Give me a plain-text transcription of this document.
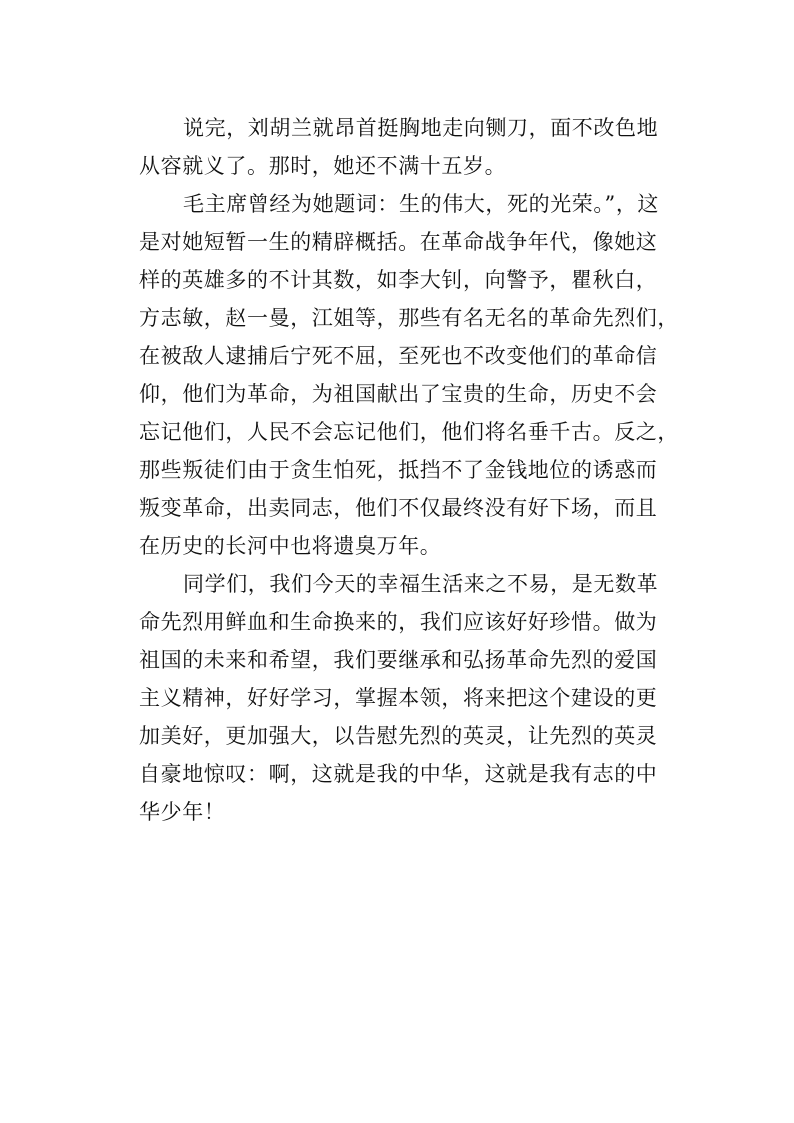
说完，刘胡兰就昂首挺胸地走向铡刀，面不改色地
从容就义了。那时，她还不满十五岁。
毛主席曾经为她题词：生的伟大，死的光荣。”，这
是对她短暂一生的精辟概括。在革命战争年代，像她这
样的英雄多的不计其数，如李大钊，向警予，瞿秋白，
方志敏，赵一曼，江姐等，那些有名无名的革命先烈们，
在被敌人逮捕后宁死不屈，至死也不改变他们的革命信
仰，他们为革命，为祖国献出了宝贵的生命，历史不会
忘记他们，人民不会忘记他们，他们将名垂千古。反之，
那些叛徒们由于贪生怕死，抵挡不了金钱地位的诱惑而
叛变革命，出卖同志，他们不仅最终没有好下场，而且
在历史的长河中也将遗臭万年。
同学们，我们今天的幸福生活来之不易，是无数革
命先烈用鲜血和生命换来的，我们应该好好珍惜。做为
祖国的未来和希望，我们要继承和弘扬革命先烈的爱国
主义精神，好好学习，掌握本领，将来把这个建设的更
加美好，更加强大，以告慰先烈的英灵，让先烈的英灵
自豪地惊叹：啊，这就是我的中华，这就是我有志的中
华少年！
